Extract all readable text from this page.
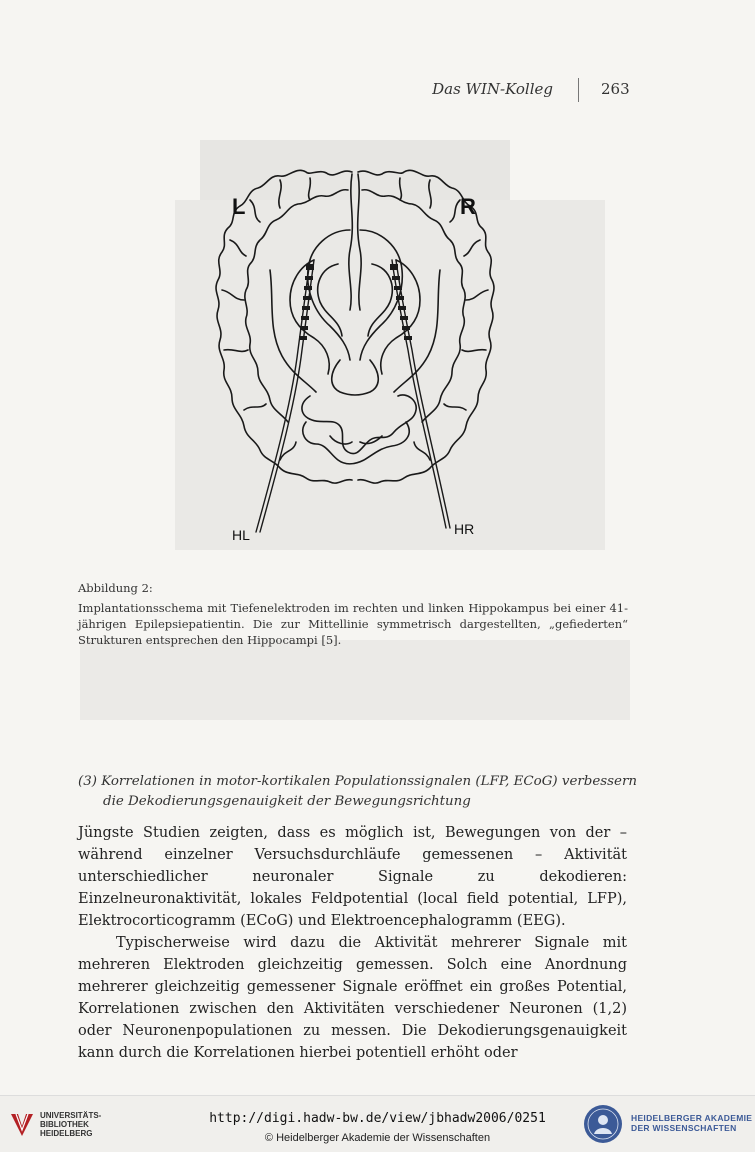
Das WIN-Kolleg	263
L	R
HL	HR

Abbildung 2:

Implantationsschema mit Tiefenelektroden im rechten und linken Hippokampus bei einer 41-jährigen Epilepsiepatientin. Die zur Mittellinie symmetrisch dargestellten, „gefiederten“ Strukturen entsprechen den Hippocampi [5].

(3) Korrelationen in motor-kortikalen Populationssignalen (LFP, ECoG) verbessern
die Dekodierungsgenauigkeit der Bewegungsrichtung

Jüngste Studien zeigten, dass es möglich ist, Bewegungen von der – während einzelner Versuchsdurchläufe gemessenen – Aktivität unterschiedlicher neuronaler Signale zu dekodieren: Einzelneuronaktivität, lokales Feldpotential (local field potential, LFP), Elektrocorticogramm (ECoG) und Elektroencephalogramm (EEG).

Typischerweise wird dazu die Aktivität mehrerer Signale mit mehreren Elektroden gleichzeitig gemessen. Solch eine Anordnung mehrerer gleichzeitig gemessener Signale eröffnet ein großes Potential, Korrelationen zwischen den Aktivitäten verschiedener Neuronen (1,2) oder Neuronenpopulationen zu messen. Die Dekodierungsgenauigkeit kann durch die Korrelationen hierbei potentiell erhöht oder

UNIVERSITÄTS-
BIBLIOTHEK
HEIDELBERG
http://digi.hadw-bw.de/view/jbhadw2006/0251
© Heidelberger Akademie der Wissenschaften
HEIDELBERGER AKADEMIE
DER WISSENSCHAFTEN
